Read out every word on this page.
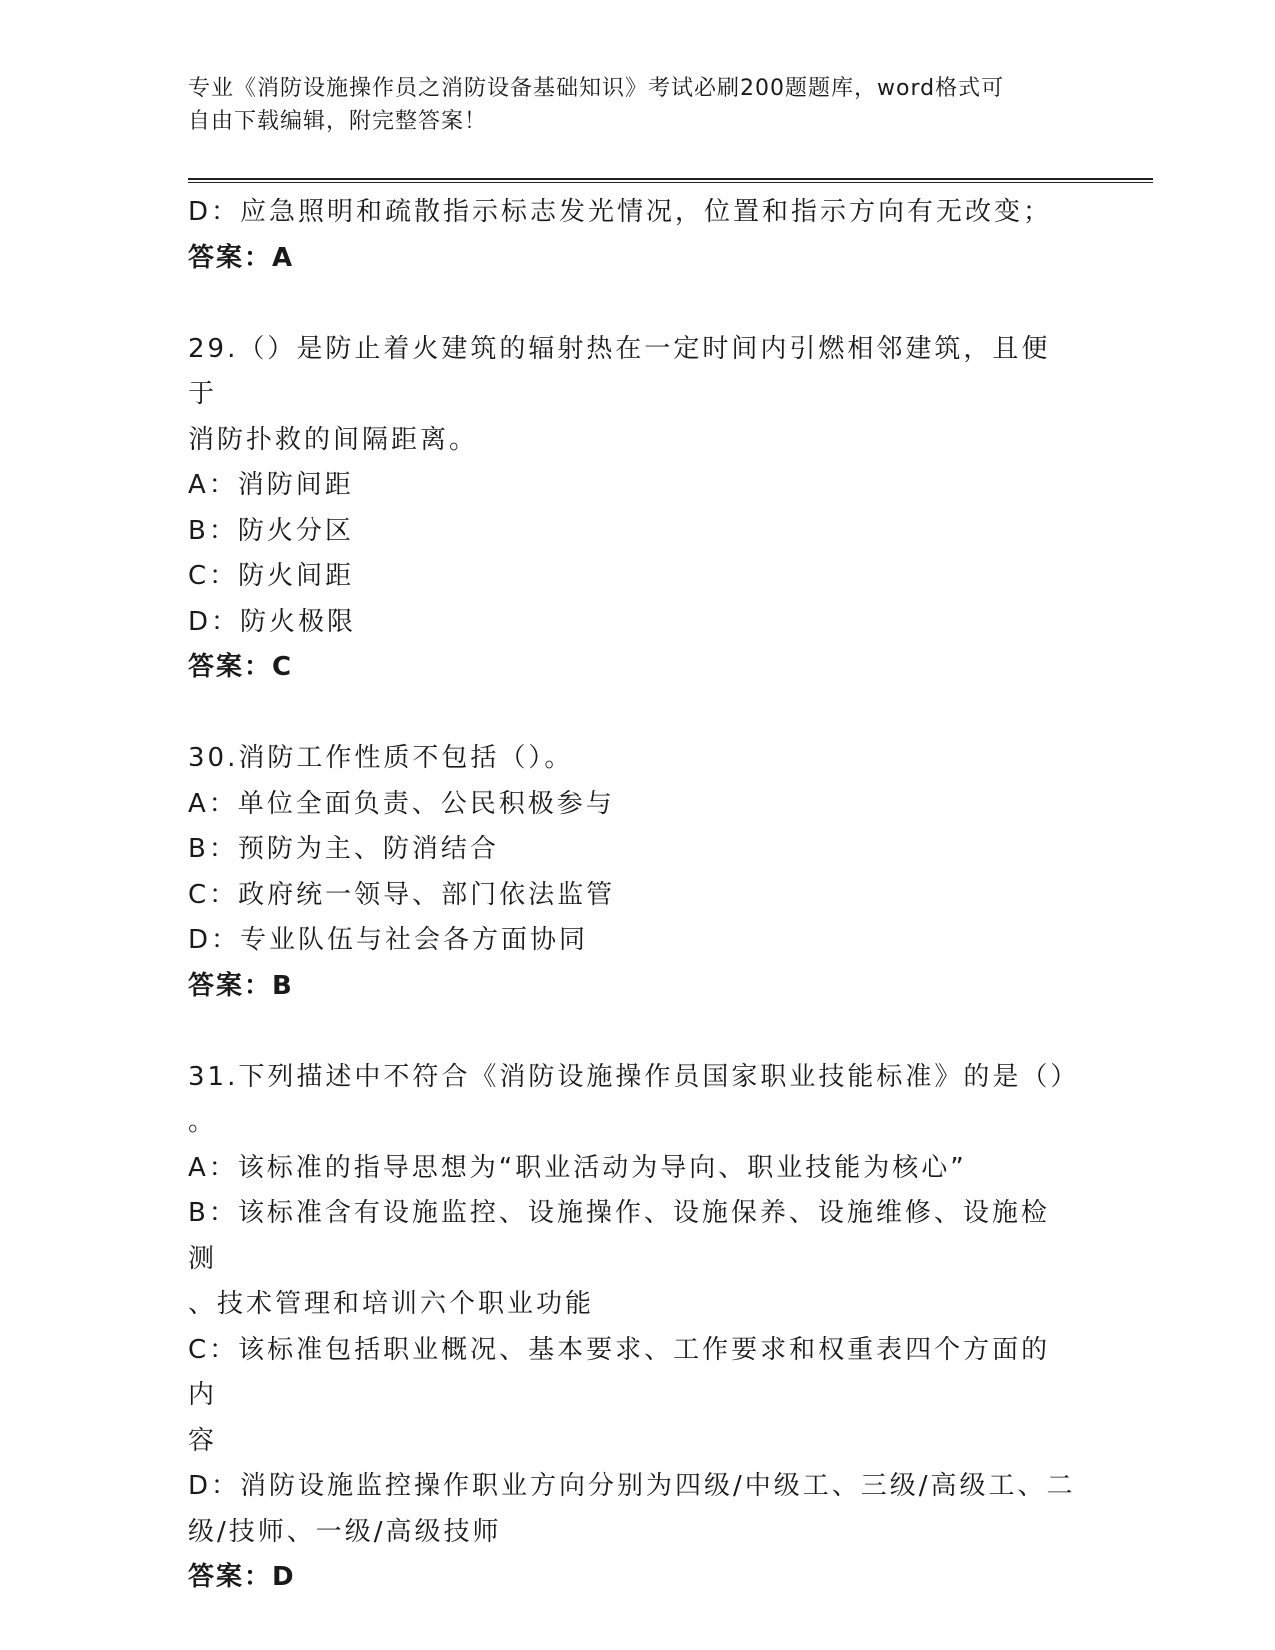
专业《消防设施操作员之消防设备基础知识》考试必刷200题题库，word格式可
自由下载编辑，附完整答案！
D：应急照明和疏散指示标志发光情况，位置和指示方向有无改变；
答案：A
29.（）是防止着火建筑的辐射热在一定时间内引燃相邻建筑，且便于
消防扑救的间隔距离。
A：消防间距
B：防火分区
C：防火间距
D：防火极限
答案：C
30.消防工作性质不包括（）。
A：单位全面负责、公民积极参与
B：预防为主、防消结合
C：政府统一领导、部门依法监管
D：专业队伍与社会各方面协同
答案：B
31.下列描述中不符合《消防设施操作员国家职业技能标准》的是（）
。
A：该标准的指导思想为“职业活动为导向、职业技能为核心”
B：该标准含有设施监控、设施操作、设施保养、设施维修、设施检测
、技术管理和培训六个职业功能
C：该标准包括职业概况、基本要求、工作要求和权重表四个方面的内
容
D：消防设施监控操作职业方向分别为四级/中级工、三级/高级工、二
级/技师、一级/高级技师
答案：D
